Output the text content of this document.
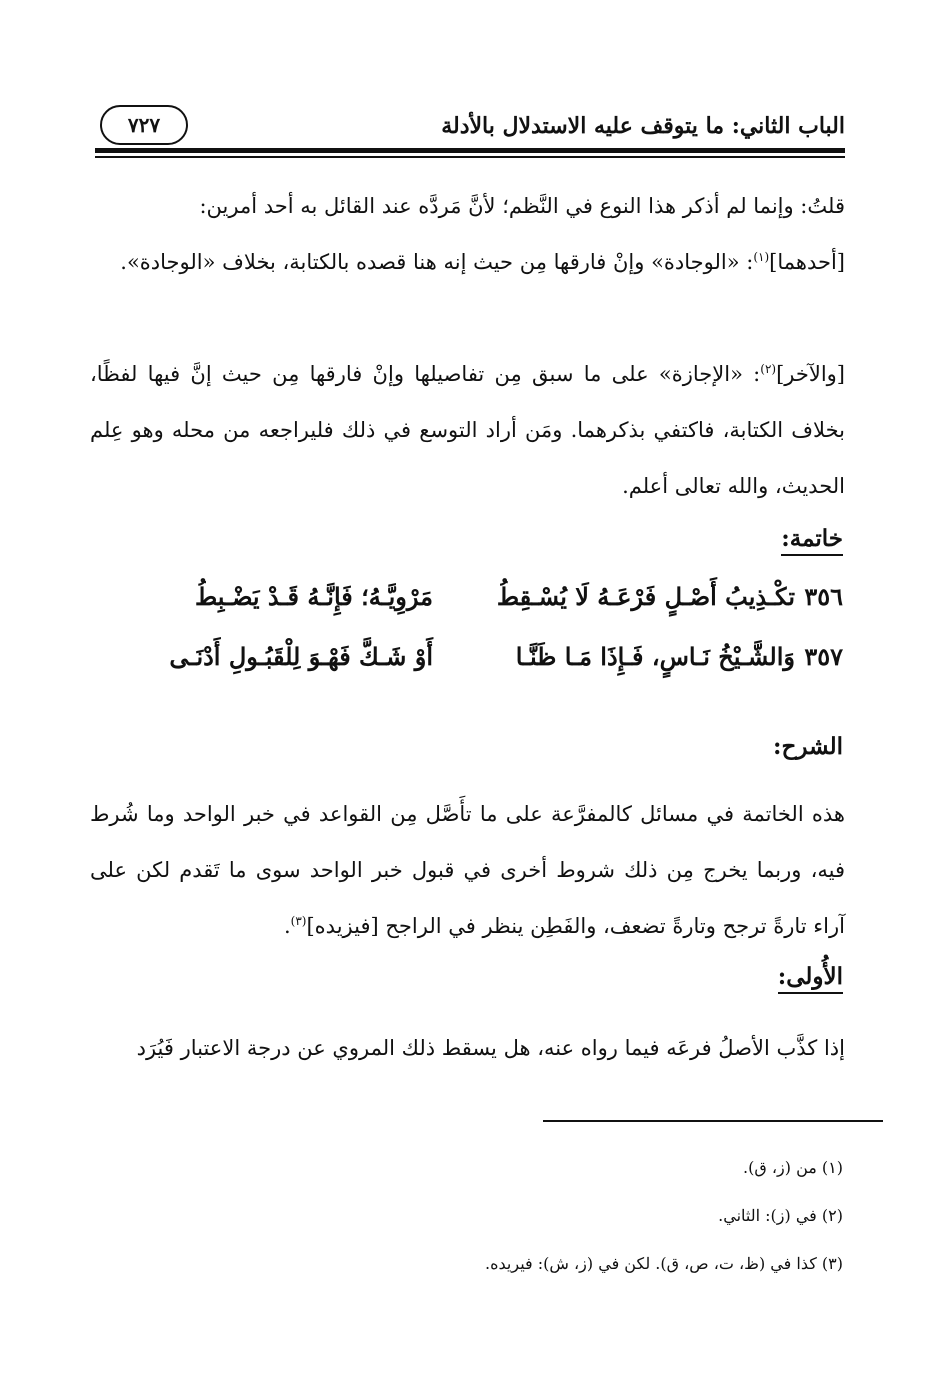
الباب الثاني: ما يتوقف عليه الاستدلال بالأدلة
٧٢٧
قلتُ: وإنما لم أذكر هذا النوع في النَّظم؛ لأنَّ مَردَّه عند القائل به أحد أمرين:
[أحدهما]$^{(١)}$: «الوجادة» وإنْ فارقها مِن حيث إنه هنا قصده بالكتابة، بخلاف «الوجادة».
[والآخر]$^{(٢)}$: «الإجازة» على ما سبق مِن تفاصيلها وإنْ فارقها مِن حيث إنَّ فيها لفظًا، بخلاف الكتابة، فاكتفي بذكرهما. ومَن أراد التوسع في ذلك فليراجعه من محله وهو عِلم الحديث، والله تعالى أعلم.
خاتمة:
٣٥٦
تكْـذِيبُ أَصْـلٍ فَرْعَـهُ لَا يُسْـقِطُ
مَرْوِيَّـهُ؛ فَإِنَّـهُ قَـدْ يَضْـبِطُ
٣٥٧
وَالشَّـيْخُ نَـاسٍ، فَـإِذَا مَـا ظَنَّـا
أَوْ شَـكَّ فَهْـوَ لِلْقَبُـولِ أَدْنَـى
الشرح:
هذه الخاتمة في مسائل كالمفرَّعة على ما تأَصَّل مِن القواعد في خبر الواحد وما شُرط فيه، وربما يخرج مِن ذلك شروط أخرى في قبول خبر الواحد سوى ما تَقدم لكن على آراء تارةً ترجح وتارةً تضعف، والفَطِن ينظر في الراجح [فيزيده]$^{(٣)}$.
الأُولى:
إذا كذَّب الأصلُ فرعَه فيما رواه عنه، هل يسقط ذلك المروي عن درجة الاعتبار فَيُرَد
(١) من (ز، ق).
(٢) في (ز): الثاني.
(٣) كذا في (ظ، ت، ص، ق). لكن في (ز، ش): فيريده.
